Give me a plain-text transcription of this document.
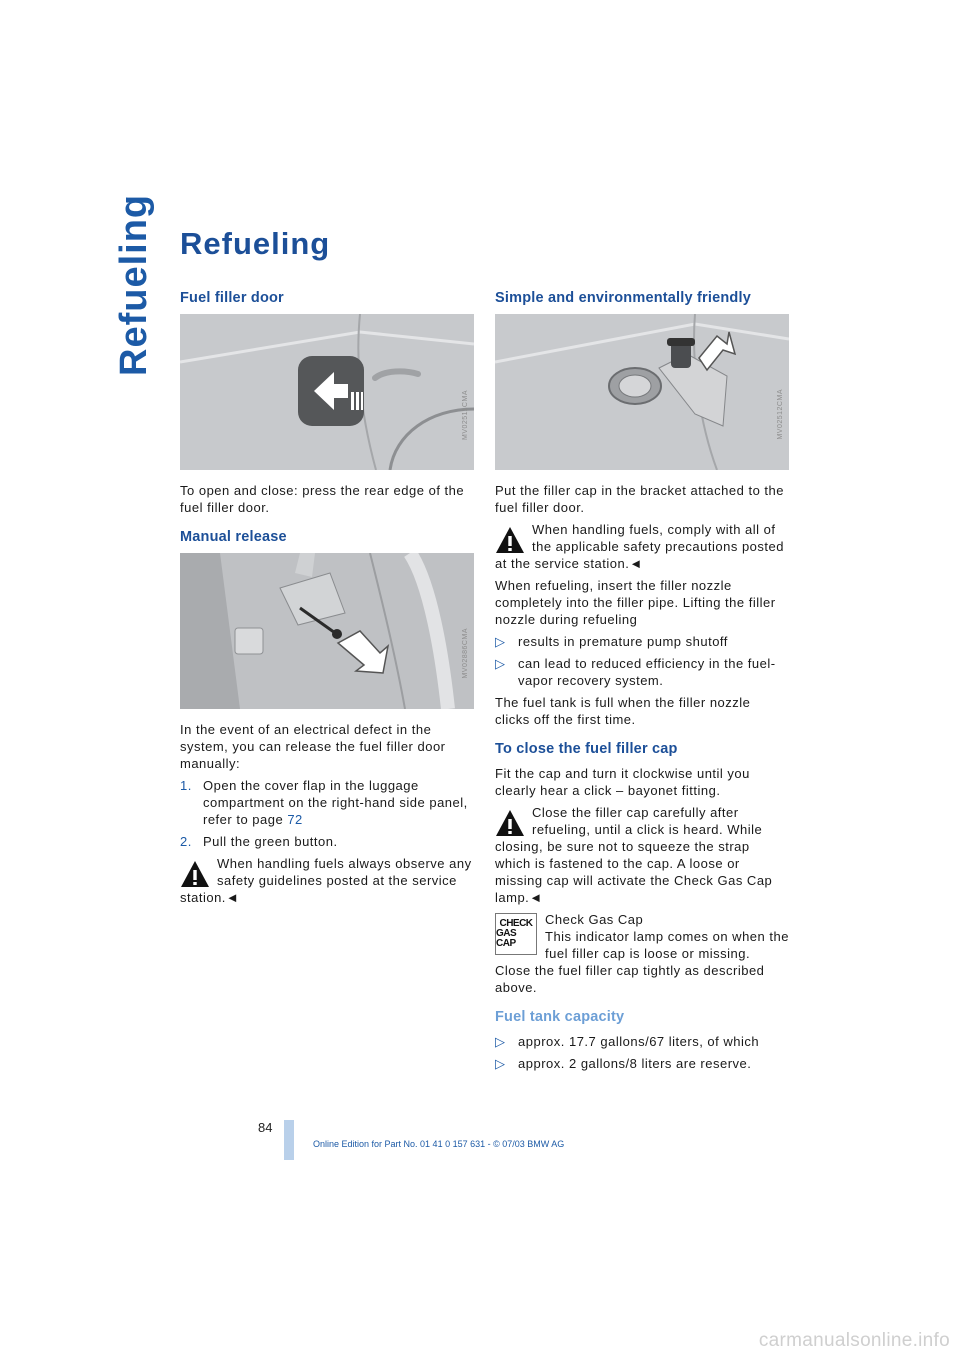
Refueling Refueling
Fuel filler door
MV02511CMA

To open and close: press the rear edge of the fuel filler door.

Manual release
MV02886CMA

In the event of an electrical defect in the system, you can release the fuel filler door manually:

1. Open the cover flap in the luggage compartment on the right-hand side panel, refer to page 72
2. Pull the green button.
When handling fuels always observe any safety guidelines posted at the service station.◄
Simple and environmentally friendly
MV02512CMA

Put the filler cap in the bracket attached to the fuel filler door.

When handling fuels, comply with all of the applicable safety precautions posted at the service station.◄

When refueling, insert the filler nozzle completely into the filler pipe. Lifting the filler nozzle during refueling

▷ results in premature pump shutoff
▷ can lead to reduced efficiency in the fuel-vapor recovery system.

The fuel tank is full when the filler nozzle clicks off the first time.

To close the fuel filler cap

Fit the cap and turn it clockwise until you clearly hear a click – bayonet fitting.

Close the filler cap carefully after refueling, until a click is heard. While closing, be sure not to squeeze the strap which is fastened to the cap. A loose or missing cap will activate the Check Gas Cap lamp.◄
CHECK
GAS CAP
Check Gas Cap
This indicator lamp comes on when the fuel filler cap is loose or missing. Close the fuel filler cap tightly as described above.
Fuel tank capacity
▷ approx. 17.7 gallons/67 liters, of which
▷ approx. 2 gallons/8 liters are reserve.
84
Online Edition for Part No. 01 41 0 157 631 - © 07/03 BMW AG
carmanualsonline.info
